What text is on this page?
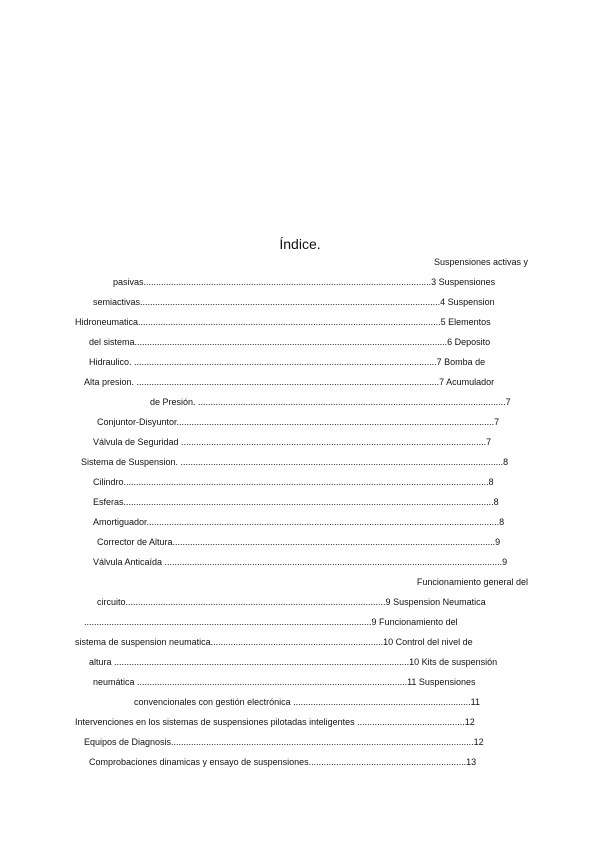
Índice.
Suspensiones activas y
pasivas...................................................................................................................3 Suspensiones
semiactivas........................................................................................................................4 Suspension
Hidroneumatica.........................................................................................................................5 Elementos
del sistema.............................................................................................................................6 Deposito
Hidraulico. .........................................................................................................................7 Bomba de
Alta presion. .........................................................................................................................7 Acumulador
de Presión. ...........................................................................................................................7
Conjuntor-Disyuntor...............................................................................................................................7
Válvula de Seguridad ..........................................................................................................................7
Sistema de Suspension. .................................................................................................................................8
Cilindro..................................................................................................................................................8
Esferas....................................................................................................................................................8
Amortiguador.............................................................................................................................................8
Corrector de Altura.................................................................................................................................9
Válvula Anticaída .......................................................................................................................................9
Funcionamiento general del
circuito........................................................................................................9 Suspension Neumatica
...................................................................................................................9 Funcionamiento del
sistema de suspension neumatica.....................................................................10 Control del nivel de
altura ......................................................................................................................10 Kits de suspensión
neumática ............................................................................................................11 Suspensiones
convencionales con gestión electrónica .......................................................................11
Intervenciones en los sistemas de suspensiones pilotadas inteligentes ...........................................12
Equipos de Diagnosis.........................................................................................................................12
Comprobaciones dinamicas y ensayo de suspensiones...............................................................13
